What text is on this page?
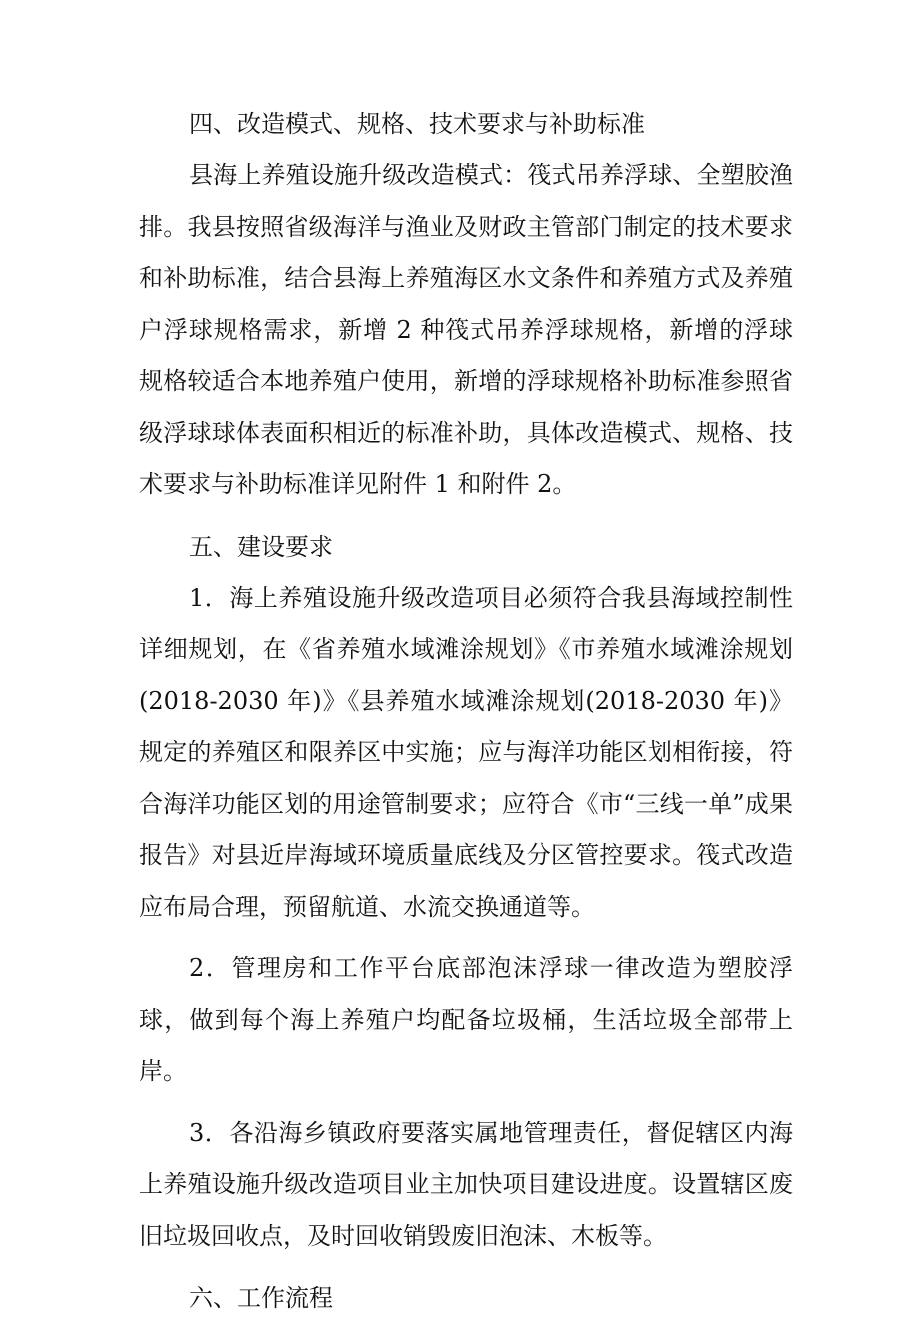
四、改造模式、规格、技术要求与补助标准

县海上养殖设施升级改造模式：筏式吊养浮球、全塑胶渔排。我县按照省级海洋与渔业及财政主管部门制定的技术要求和补助标准，结合县海上养殖海区水文条件和养殖方式及养殖户浮球规格需求，新增 2 种筏式吊养浮球规格，新增的浮球规格较适合本地养殖户使用，新增的浮球规格补助标准参照省级浮球球体表面积相近的标准补助，具体改造模式、规格、技术要求与补助标准详见附件 1 和附件 2。

五、建设要求

1．海上养殖设施升级改造项目必须符合我县海域控制性详细规划，在《省养殖水域滩涂规划》《市养殖水域滩涂规划(2018-2030 年)》《县养殖水域滩涂规划(2018-2030 年)》规定的养殖区和限养区中实施；应与海洋功能区划相衔接，符合海洋功能区划的用途管制要求；应符合《市“三线一单”成果报告》对县近岸海域环境质量底线及分区管控要求。筏式改造应布局合理，预留航道、水流交换通道等。

2．管理房和工作平台底部泡沫浮球一律改造为塑胶浮球，做到每个海上养殖户均配备垃圾桶，生活垃圾全部带上岸。

3．各沿海乡镇政府要落实属地管理责任，督促辖区内海上养殖设施升级改造项目业主加快项目建设进度。设置辖区废旧垃圾回收点，及时回收销毁废旧泡沫、木板等。

六、工作流程
